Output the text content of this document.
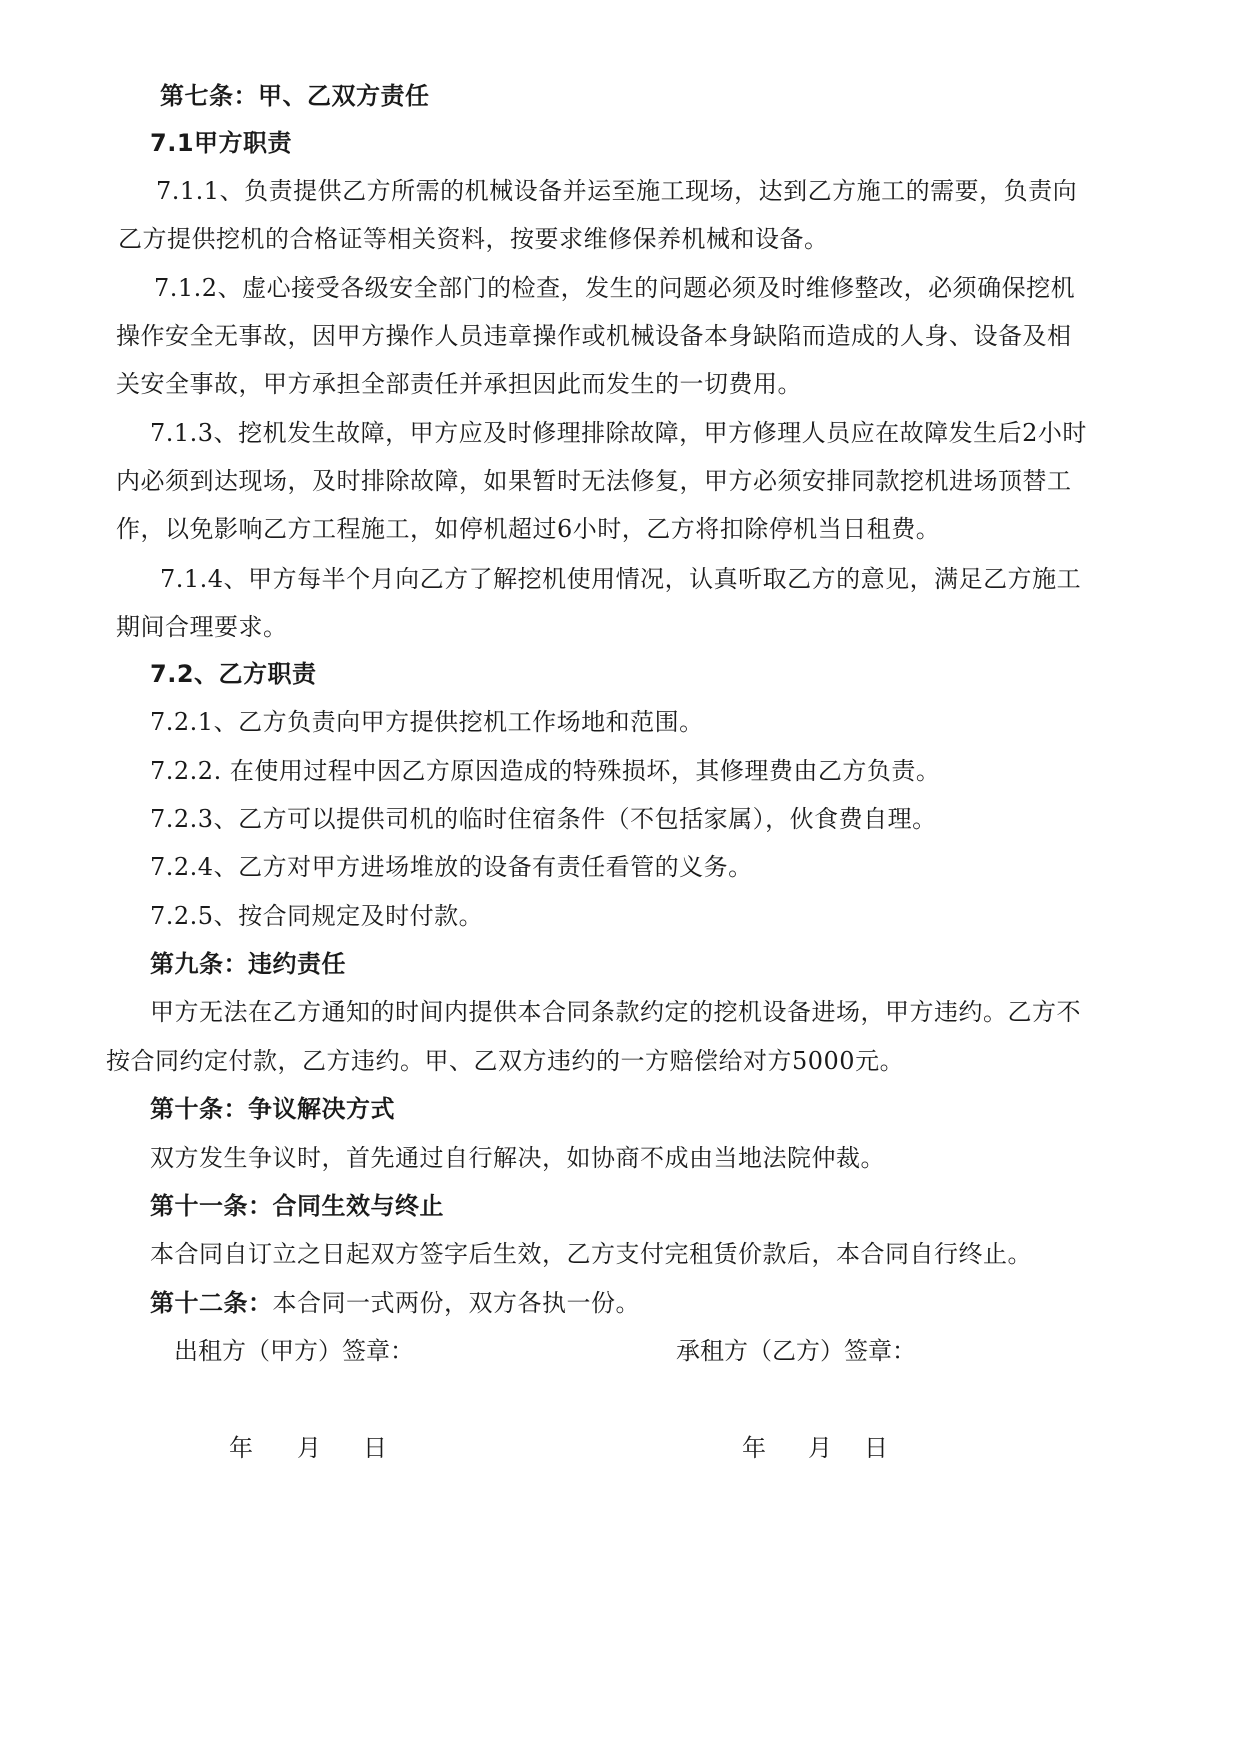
第七条：甲、乙双方责任

7.1甲方职责

7.1.1、负责提供乙方所需的机械设备并运至施工现场，达到乙方施工的需要，负责向

乙方提供挖机的合格证等相关资料，按要求维修保养机械和设备。

7.1.2、虚心接受各级安全部门的检查，发生的问题必须及时维修整改，必须确保挖机

操作安全无事故，因甲方操作人员违章操作或机械设备本身缺陷而造成的人身、设备及相

关安全事故，甲方承担全部责任并承担因此而发生的一切费用。

7.1.3、挖机发生故障，甲方应及时修理排除故障，甲方修理人员应在故障发生后2小时

内必须到达现场，及时排除故障，如果暂时无法修复，甲方必须安排同款挖机进场顶替工

作，以免影响乙方工程施工，如停机超过6小时，乙方将扣除停机当日租费。

7.1.4、甲方每半个月向乙方了解挖机使用情况，认真听取乙方的意见，满足乙方施工

期间合理要求。

7.2、乙方职责

7.2.1、乙方负责向甲方提供挖机工作场地和范围。

7.2.2. 在使用过程中因乙方原因造成的特殊损坏，其修理费由乙方负责。

7.2.3、乙方可以提供司机的临时住宿条件（不包括家属），伙食费自理。

7.2.4、乙方对甲方进场堆放的设备有责任看管的义务。

7.2.5、按合同规定及时付款。

第九条：违约责任

甲方无法在乙方通知的时间内提供本合同条款约定的挖机设备进场，甲方违约。乙方不

按合同约定付款，乙方违约。甲、乙双方违约的一方赔偿给对方5000元。

第十条：争议解决方式

双方发生争议时，首先通过自行解决，如协商不成由当地法院仲裁。

第十一条：合同生效与终止

本合同自订立之日起双方签字后生效，乙方支付完租赁价款后，本合同自行终止。

第十二条：本合同一式两份，双方各执一份。

出租方（甲方）签章：	承租方（乙方）签章：
年 月 日	年 月 日
